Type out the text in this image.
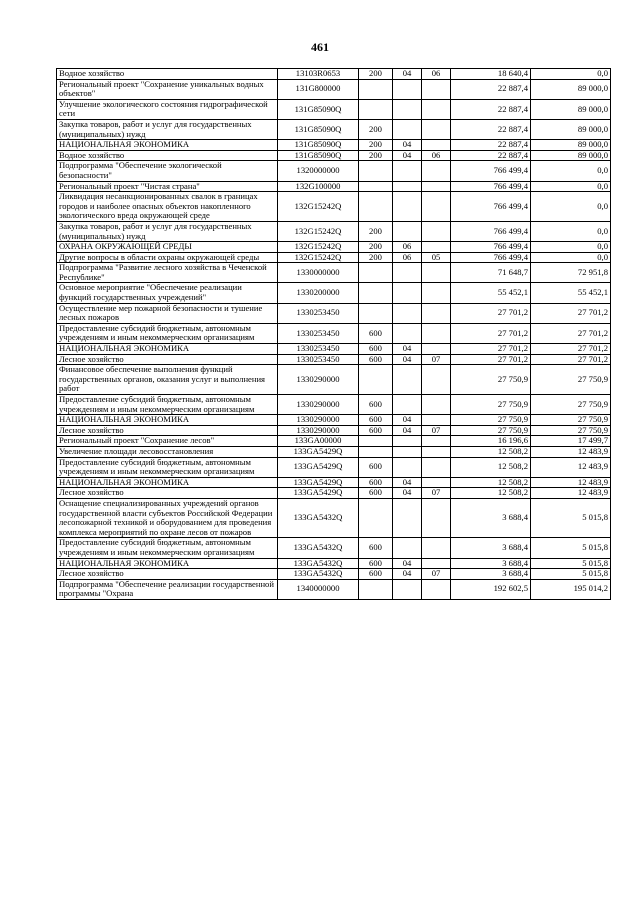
461
Водное хозяйство	13103R0653	200	04	06	18 640,4	0,0
Региональный проект "Сохранение уникальных водных объектов"	131G800000				22 887,4	89 000,0
Улучшение экологического состояния гидрографической сети	131G85090Q				22 887,4	89 000,0
Закупка товаров, работ и услуг для государственных (муниципальных) нужд	131G85090Q	200			22 887,4	89 000,0
НАЦИОНАЛЬНАЯ ЭКОНОМИКА	131G85090Q	200	04		22 887,4	89 000,0
Водное хозяйство	131G85090Q	200	04	06	22 887,4	89 000,0
Подпрограмма "Обеспечение экологической безопасности"	1320000000				766 499,4	0,0
Региональный проект "Чистая страна"	132G100000				766 499,4	0,0
Ликвидация несанкционированных свалок в границах городов и наиболее опасных объектов накопленного экологического вреда окружающей среде	132G15242Q				766 499,4	0,0
Закупка товаров, работ и услуг для государственных (муниципальных) нужд	132G15242Q	200			766 499,4	0,0
ОХРАНА ОКРУЖАЮЩЕЙ СРЕДЫ	132G15242Q	200	06		766 499,4	0,0
Другие вопросы в области охраны окружающей среды	132G15242Q	200	06	05	766 499,4	0,0
Подпрограмма "Развитие лесного хозяйства в Чеченской Республике"	1330000000				71 648,7	72 951,8
Основное мероприятие "Обеспечение реализации функций государственных учреждений"	1330200000				55 452,1	55 452,1
Осуществление мер пожарной безопасности и тушение лесных пожаров	1330253450				27 701,2	27 701,2
Предоставление субсидий бюджетным, автономным учреждениям и иным некоммерческим организациям	1330253450	600			27 701,2	27 701,2
НАЦИОНАЛЬНАЯ ЭКОНОМИКА	1330253450	600	04		27 701,2	27 701,2
Лесное хозяйство	1330253450	600	04	07	27 701,2	27 701,2
Финансовое обеспечение выполнения функций государственных органов, оказания услуг и выполнения работ	1330290000				27 750,9	27 750,9
Предоставление субсидий бюджетным, автономным учреждениям и иным некоммерческим организациям	1330290000	600			27 750,9	27 750,9
НАЦИОНАЛЬНАЯ ЭКОНОМИКА	1330290000	600	04		27 750,9	27 750,9
Лесное хозяйство	1330290000	600	04	07	27 750,9	27 750,9
Региональный проект "Сохранение лесов"	133GA00000				16 196,6	17 499,7
Увеличение площади лесовосстановления	133GA5429Q				12 508,2	12 483,9
Предоставление субсидий бюджетным, автономным учреждениям и иным некоммерческим организациям	133GA5429Q	600			12 508,2	12 483,9
НАЦИОНАЛЬНАЯ ЭКОНОМИКА	133GA5429Q	600	04		12 508,2	12 483,9
Лесное хозяйство	133GA5429Q	600	04	07	12 508,2	12 483,9
Оснащение специализированных учреждений органов государственной власти субъектов Российской Федерации лесопожарной техникой и оборудованием для проведения комплекса мероприятий по охране лесов от пожаров	133GA5432Q				3 688,4	5 015,8
Предоставление субсидий бюджетным, автономным учреждениям и иным некоммерческим организациям	133GA5432Q	600			3 688,4	5 015,8
НАЦИОНАЛЬНАЯ ЭКОНОМИКА	133GA5432Q	600	04		3 688,4	5 015,8
Лесное хозяйство	133GA5432Q	600	04	07	3 688,4	5 015,8
Подпрограмма "Обеспечение реализации государственной программы "Охрана	1340000000				192 602,5	195 014,2
